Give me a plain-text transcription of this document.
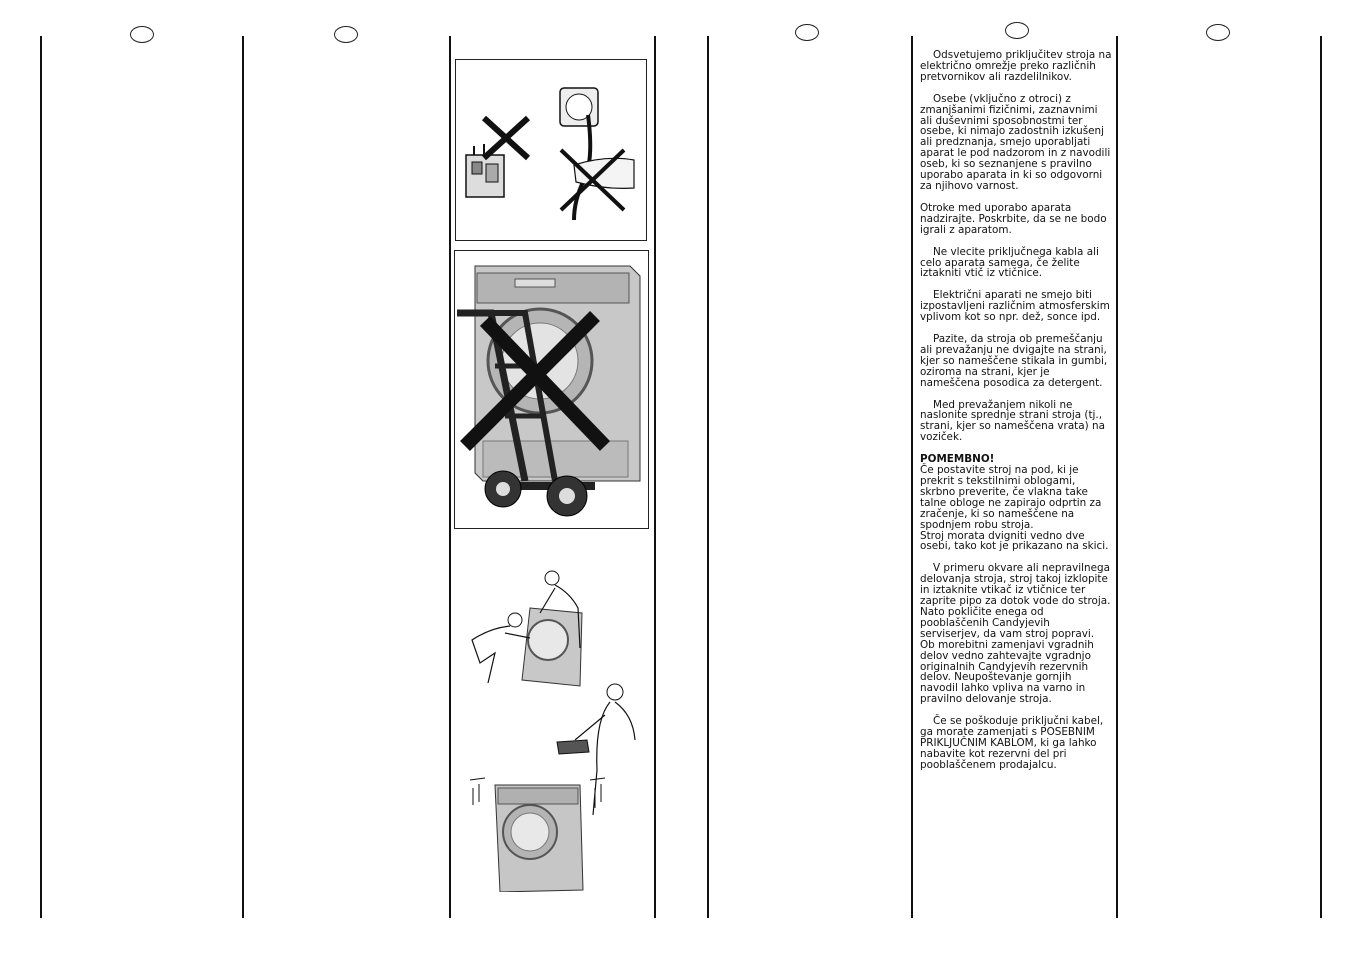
Odsvetujemo priključitev stroja na električno omrežje preko različnih pretvornikov ali razdelilnikov.

Osebe (vključno z otroci) z zmanjšanimi fizičnimi, zaznavnimi ali duševnimi sposobnostmi ter osebe, ki nimajo zadostnih izkušenj ali predznanja, smejo uporabljati aparat le pod nadzorom in z navodili oseb, ki so seznanjene s pravilno uporabo aparata in ki so odgovorni za njihovo varnost.

Otroke med uporabo aparata nadzirajte. Poskrbite, da se ne bodo igrali z aparatom.

Ne vlecite priključnega kabla ali celo aparata samega, če želite iztakniti vtič iz vtičnice.

Električni aparati ne smejo biti izpostavljeni različnim atmosferskim vplivom kot so npr. dež, sonce ipd.

Pazite, da stroja ob premeščanju ali prevažanju ne dvigajte na strani, kjer so nameščene stikala in gumbi, oziroma na strani, kjer je nameščena posodica za detergent.

Med prevažanjem nikoli ne naslonite sprednje strani stroja (tj., strani, kjer so nameščena vrata) na voziček.

POMEMBNO!
Če postavite stroj na pod, ki je prekrit s tekstilnimi oblogami, skrbno preverite, če vlakna take talne obloge ne zapirajo odprtin za zračenje, ki so nameščene na spodnjem robu stroja.
Stroj morata dvigniti vedno dve osebi, tako kot je prikazano na skici.

V primeru okvare ali nepravilnega delovanja stroja, stroj takoj izklopite in iztaknite vtikač iz vtičnice ter zaprite pipo za dotok vode do stroja. Nato pokličite enega od pooblaščenih Candyjevih serviserjev, da vam stroj popravi.
Ob morebitni zamenjavi vgradnih delov vedno zahtevajte vgradnjo originalnih Candyjevih rezervnih delov. Neupoštevanje gornjih navodil lahko vpliva na varno in pravilno delovanje stroja.

Če se poškoduje priključni kabel, ga morate zamenjati s POSEBNIM PRIKLJUČNIM KABLOM, ki ga lahko nabavite kot rezervni del pri pooblaščenem prodajalcu.
